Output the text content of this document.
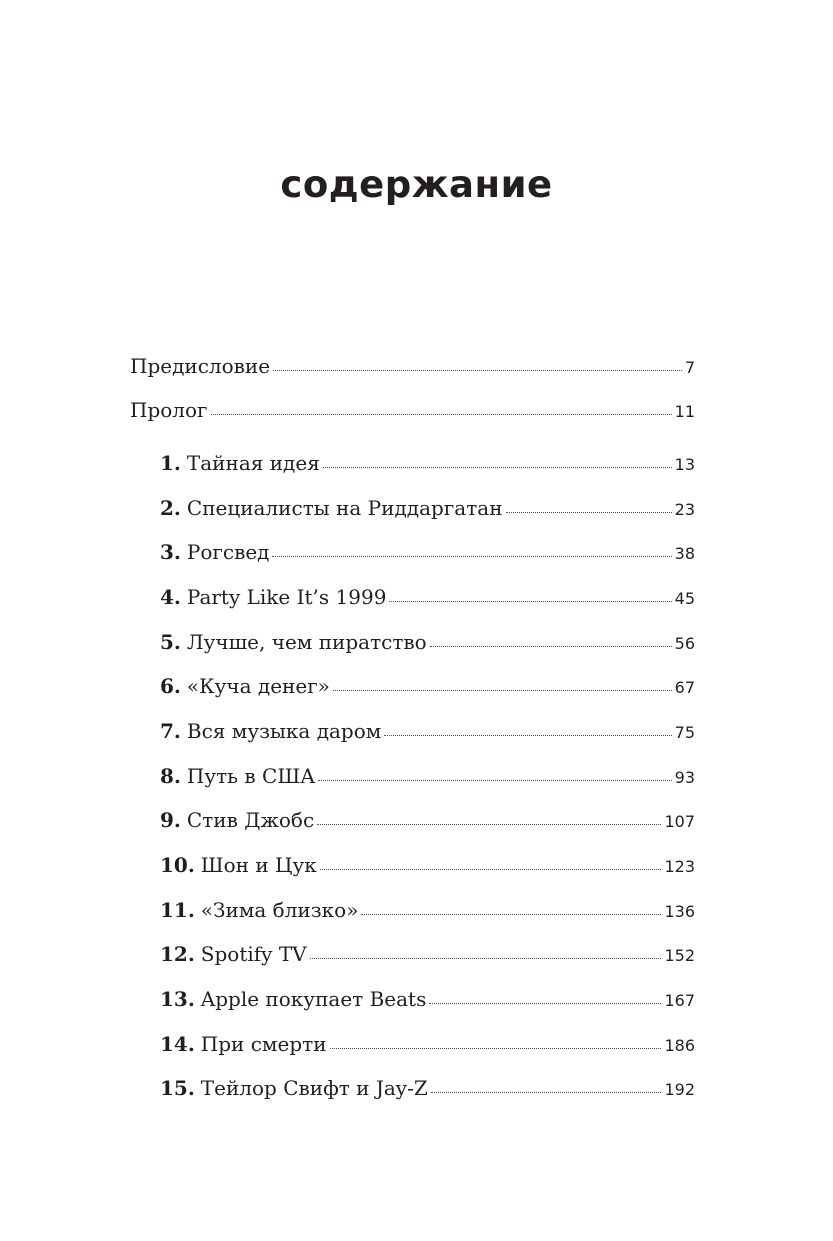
содержание
Предисловие	7
Пролог	11
1. Тайная идея	13
2. Специалисты на Риддаргатан	23
3. Рогсвед	38
4. Party Like It’s 1999	45
5. Лучше, чем пиратство	56
6. «Куча денег»	67
7. Вся музыка даром	75
8. Путь в США	93
9. Стив Джобс	107
10. Шон и Цук	123
11. «Зима близко»	136
12. Spotify TV	152
13. Apple покупает Beats	167
14. При смерти	186
15. Тейлор Свифт и Jay-Z	192
